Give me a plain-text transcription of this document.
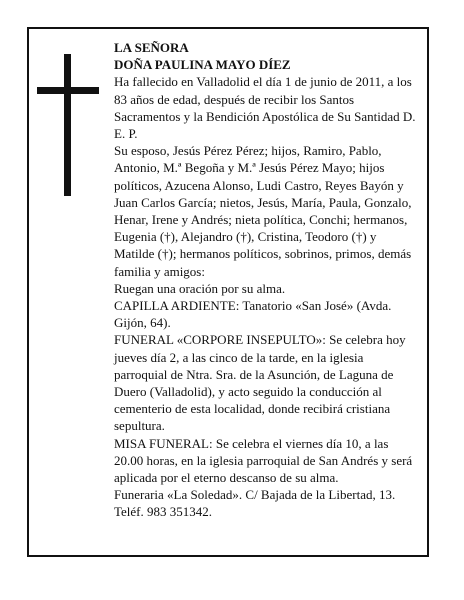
LA SEÑORA

DOÑA PAULINA MAYO DÍEZ

Ha fallecido en Valladolid el día 1 de junio de 2011, a los 83 años de edad, después de recibir los Santos Sacramentos y la Bendición Apostólica de Su Santidad D. E. P.

Su esposo, Jesús Pérez Pérez; hijos, Ramiro, Pablo, Antonio, M.ª Begoña y M.ª Jesús Pérez Mayo; hijos políticos, Azucena Alonso, Ludi Castro, Reyes Bayón y Juan Carlos García; nietos, Jesús, María, Paula, Gonzalo, Henar, Irene y Andrés; nieta política, Conchi; hermanos, Eugenia (†), Alejandro (†), Cristina, Teodoro (†) y Matilde (†); hermanos políticos, sobrinos, primos, demás familia y amigos:

Ruegan una oración por su alma.

CAPILLA ARDIENTE: Tanatorio «San José» (Avda. Gijón, 64).

FUNERAL «CORPORE INSEPULTO»: Se celebra hoy jueves día 2, a las cinco de la tarde, en la iglesia parroquial de Ntra. Sra. de la Asunción, de Laguna de Duero (Valladolid), y acto seguido la conducción al cementerio de esta localidad, donde recibirá cristiana sepultura.

MISA FUNERAL: Se celebra el viernes día 10, a las 20.00 horas, en la iglesia parroquial de San Andrés y será aplicada por el eterno descanso de su alma.

Funeraria «La Soledad». C/ Bajada de la Libertad, 13. Teléf. 983 351342.
